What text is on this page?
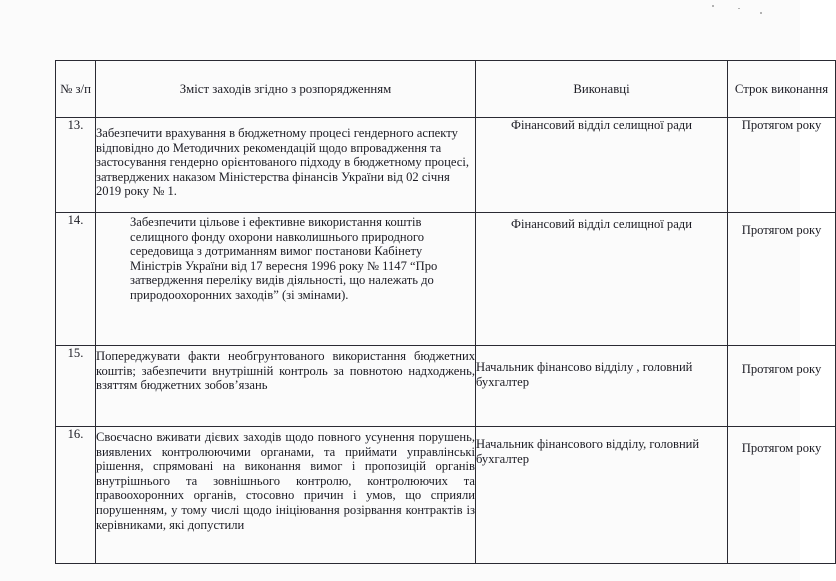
№ з/п	Зміст заходів згідно з розпорядженням	Виконавці	Строк виконання
13.	Забезпечити врахування в бюджетному процесі гендерного аспекту відповідно до Методичних рекомендацій щодо впровадження та застосування гендерно орієнтованого підходу в бюджетному процесі, затверджених наказом Міністерства фінансів України від 02 січня 2019 року № 1.	Фінансовий відділ селищної ради	Протягом року
14.	Забезпечити цільове і ефективне використання коштів селищного фонду охорони навколишнього природного середовища з дотриманням вимог постанови Кабінету Міністрів України від 17 вересня 1996 року № 1147 “Про затвердження переліку видів діяльності, що належать до природоохоронних заходів” (зі змінами).	Фінансовий відділ селищної ради	Протягом року
15.	Попереджувати факти необгрунтованого використання бюджетних коштів; забезпечити внутрішній контроль за повнотою надходжень, взяттям бюджетних зобов’язань	Начальник фінансово відділу , головний бухгалтер	Протягом року
16.	Своєчасно вживати дієвих заходів щодо повного усунення порушень, виявлених контролюючими органами, та приймати управлінські рішення, спрямовані на виконання вимог і пропозицій органів внутрішнього та зовнішнього контролю, контролюючих та правоохоронних органів, стосовно причин і умов, що сприяли порушенням, у тому числі щодо ініціювання розірвання контрактів із керівниками, які допустили	Начальник фінансового відділу, головний бухгалтер	Протягом року
